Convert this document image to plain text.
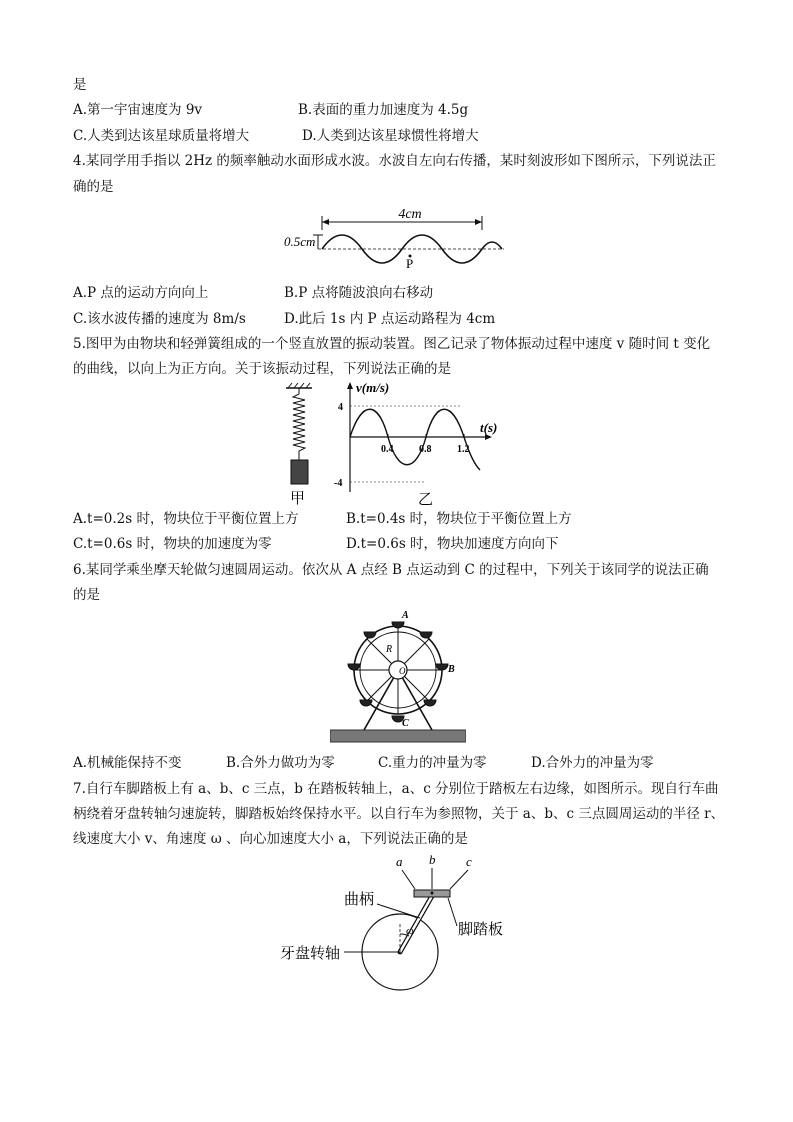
是
A.第一宇宙速度为 9v	B.表面的重力加速度为 4.5g
C.人类到达该星球质量将增大	D.人类到达该星球惯性将增大
4.某同学用手指以 2Hz 的频率触动水面形成水波。水波自左向右传播，某时刻波形如下图所示，下列说法正
确的是
4cm
0.5cm
P
A.P 点的运动方向向上	B.P 点将随波浪向右移动
C.该水波传播的速度为 8m/s	D.此后 1s 内 P 点运动路程为 4cm
5.图甲为由物块和轻弹簧组成的一个竖直放置的振动装置。图乙记录了物体振动过程中速度 v 随时间 t 变化
的曲线，以向上为正方向。关于该振动过程，下列说法正确的是
甲
v(m/s)
t(s)
4
-4
0.4	0.8	1.2
乙
A.t=0.2s 时，物块位于平衡位置上方	B.t=0.4s 时，物块位于平衡位置上方
C.t=0.6s 时，物块的加速度为零	D.t=0.6s 时，物块加速度方向向下
6.某同学乘坐摩天轮做匀速圆周运动。依次从 A 点经 B 点运动到 C 的过程中，下列关于该同学的说法正确
的是
O
R
A
B
C
A.机械能保持不变	B.合外力做功为零	C.重力的冲量为零	D.合外力的冲量为零
7.自行车脚踏板上有 a、b、c 三点，b 在踏板转轴上，a、c 分别位于踏板左右边缘，如图所示。现自行车曲
柄绕着牙盘转轴匀速旋转，脚踏板始终保持水平。以自行车为参照物，关于 a、b、c 三点圆周运动的半径 r、
线速度大小 v、角速度 ω 、向心加速度大小 a，下列说法正确的是
ω
a b c
曲柄
脚踏板
牙盘转轴
